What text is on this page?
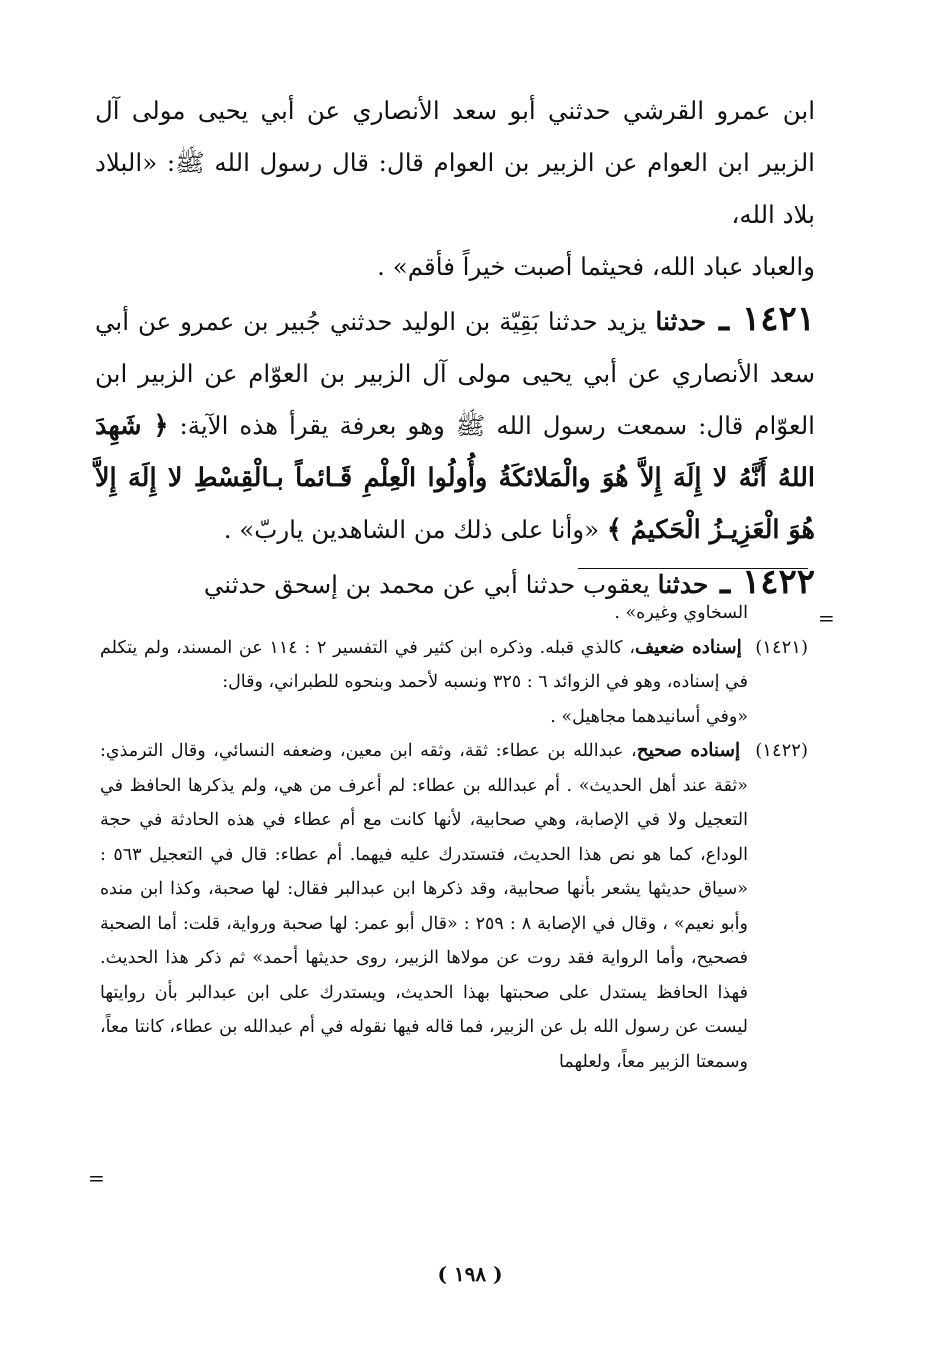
ابن عمرو القرشي حدثني أبو سعد الأنصاري عن أبي يحيى مولى آل الزبير ابن العوام عن الزبير بن العوام قال: قال رسول الله ﷺ: «البلاد بلاد الله،

والعباد عباد الله، فحيثما أصبت خيراً فأقم» .

١٤٢١ ـ حدثنا يزيد حدثنا بَقِيّة بن الوليد حدثني جُبير بن عمرو عن أبي سعد الأنصاري عن أبي يحيى مولى آل الزبير بن العوّام عن الزبير ابن العوّام قال: سمعت رسول الله ﷺ وهو بعرفة يقرأ هذه الآية: ﴿ شَهِدَ اللهُ أَنَّهُ لا إِلَهَ إِلاَّ هُوَ والْمَلائكَةُ وأُولُوا الْعِلْمِ قَـائماً بـالْقِسْطِ لا إِلَهَ إِلاَّ هُوَ الْعَزِيـزُ الْحَكيمُ ﴾ «وأنا على ذلك من الشاهدين ياربّ» .

١٤٢٢ ـ حدثنا يعقوب حدثنا أبي عن محمد بن إسحق حدثني

=

السخاوي وغيره» .

(١٤٢١)  إسناده ضعيف، كالذي قبله. وذكره ابن كثير في التفسير ٢ : ١١٤ عن المسند، ولم يتكلم في إسناده، وهو في الزوائد ٦ : ٣٢٥ ونسبه لأحمد وبنحوه للطبراني، وقال:

«وفي أسانيدهما مجاهيل» .

(١٤٢٢)  إسناده صحيح، عبدالله بن عطاء: ثقة، وثقه ابن معين، وضعفه النسائي، وقال الترمذي: «ثقة عند أهل الحديث» . أم عبدالله بن عطاء: لم أعرف من هي، ولم يذكرها الحافظ في التعجيل ولا في الإصابة، وهي صحابية، لأنها كانت مع أم عطاء في هذه الحادثة في حجة الوداع، كما هو نص هذا الحديث، فتستدرك عليه فيهما. أم عطاء: قال في التعجيل ٥٦٣ : «سياق حديثها يشعر بأنها صحابية، وقد ذكرها ابن عبدالبر فقال: لها صحبة، وكذا ابن منده وأبو نعيم» ، وقال في الإصابة ٨ : ٢٥٩ : «قال أبو عمر: لها صحبة ورواية، قلت: أما الصحبة فصحيح، وأما الرواية فقد روت عن مولاها الزبير، روى حديثها أحمد» ثم ذكر هذا الحديث. فهذا الحافظ يستدل على صحبتها بهذا الحديث، ويستدرك على ابن عبدالبر بأن روايتها ليست عن رسول الله بل عن الزبير، فما قاله فيها نقوله في أم عبدالله بن عطاء، كانتا معاً، وسمعتا الزبير معاً، ولعلهما

=
( ١٩٨ )
